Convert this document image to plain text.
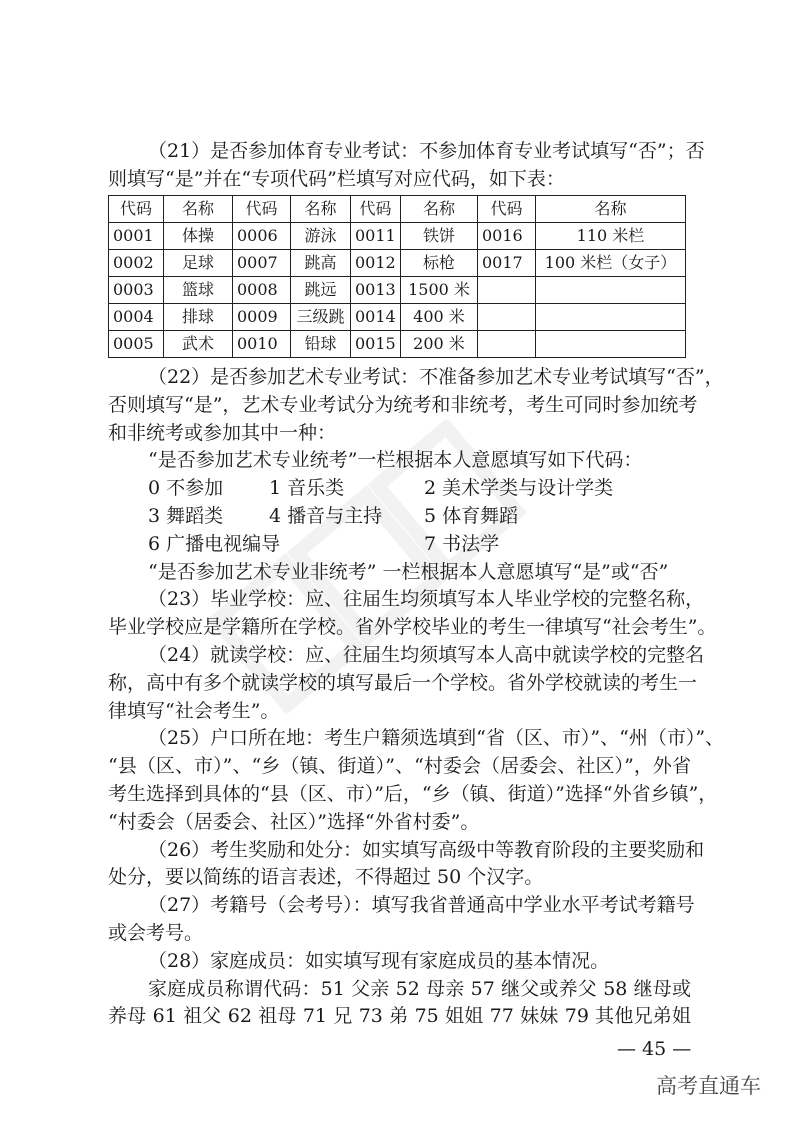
（21）是否参加体育专业考试：不参加体育专业考试填写“否”；否
则填写“是”并在“专项代码”栏填写对应代码，如下表：
代码	名称	代码	名称	代码	名称	代码	名称
0001	体操	0006	游泳	0011	铁饼	0016	110 米栏
0002	足球	0007	跳高	0012	标枪	0017	100 米栏（女子）
0003	篮球	0008	跳远	0013	1500 米		
0004	排球	0009	三级跳	0014	400 米		
0005	武术	0010	铅球	0015	200 米		
（22）是否参加艺术专业考试：不准备参加艺术专业考试填写“否”，
否则填写“是”，艺术专业考试分为统考和非统考，考生可同时参加统考
和非统考或参加其中一种：
“是否参加艺术专业统考”一栏根据本人意愿填写如下代码：
0 不参加	1 音乐类	2 美术学类与设计学类
3 舞蹈类	4 播音与主持	5 体育舞蹈
6 广播电视编导	7 书法学
“是否参加艺术专业非统考” 一栏根据本人意愿填写“是”或“否”
（23）毕业学校：应、往届生均须填写本人毕业学校的完整名称，
毕业学校应是学籍所在学校。省外学校毕业的考生一律填写“社会考生”。
（24）就读学校：应、往届生均须填写本人高中就读学校的完整名
称，高中有多个就读学校的填写最后一个学校。省外学校就读的考生一
律填写“社会考生”。
（25）户口所在地：考生户籍须选填到“省（区、市）”、“州（市）”、
“县（区、市）”、“乡（镇、街道）”、“村委会（居委会、社区）”，外省
考生选择到具体的“县（区、市）”后，“乡（镇、街道）”选择“外省乡镇”，
“村委会（居委会、社区）”选择“外省村委”。
（26）考生奖励和处分：如实填写高级中等教育阶段的主要奖励和
处分，要以简练的语言表述，不得超过 50 个汉字。
（27）考籍号（会考号）：填写我省普通高中学业水平考试考籍号
或会考号。
（28）家庭成员：如实填写现有家庭成员的基本情况。
家庭成员称谓代码：51 父亲 52 母亲 57 继父或养父 58 继母或
养母 61 祖父 62 祖母 71 兄 73 弟 75 姐姐 77 妹妹 79 其他兄弟姐
— 45 —
高考直通车
